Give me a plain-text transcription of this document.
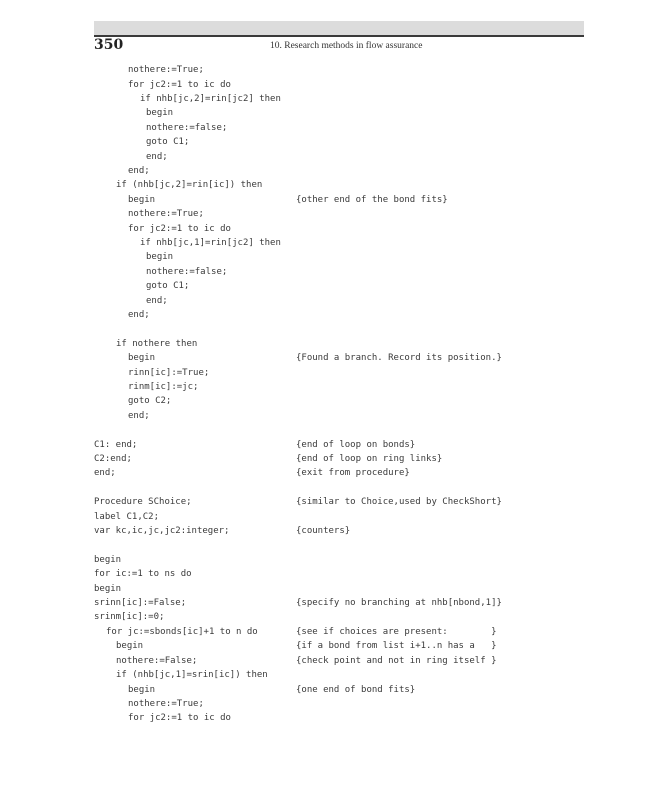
350	10. Research methods in flow assurance
nothere:=True;
for jc2:=1 to ic do
if nhb[jc,2]=rin[jc2] then
begin
nothere:=false;
goto C1;
end;
end;
if (nhb[jc,2]=rin[ic]) then
begin	{other end of the bond fits}
nothere:=True;
for jc2:=1 to ic do
if nhb[jc,1]=rin[jc2] then
begin
nothere:=false;
goto C1;
end;
end;
if nothere then
begin	{Found a branch. Record its position.}
rinn[ic]:=True;
rinm[ic]:=jc;
goto C2;
end;
C1: end;	{end of loop on bonds}
C2:end;	{end of loop on ring links}
end;	{exit from procedure}
Procedure SChoice;	{similar to Choice,used by CheckShort}
label C1,C2;
var kc,ic,jc,jc2:integer;	{counters}
begin
for ic:=1 to ns do
begin
srinn[ic]:=False;	{specify no branching at nhb[nbond,1]}
srinm[ic]:=0;
for jc:=sbonds[ic]+1 to n do	{see if choices are present:        }
begin	{if a bond from list i+1..n has a   }
nothere:=False;	{check point and not in ring itself }
if (nhb[jc,1]=srin[ic]) then
begin	{one end of bond fits}
nothere:=True;
for jc2:=1 to ic do
